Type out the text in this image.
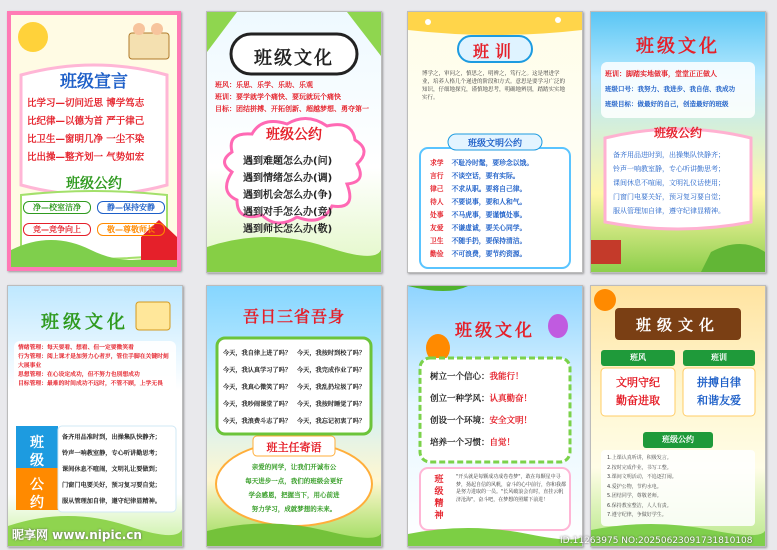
班级宣言
比学习—切问近思 博学笃志
比纪律—以德为首 严于律己
比卫生—窗明几净 一尘不染
比出操—整齐划一 气势如宏
班级公约
净—校室洁净	静—保持安静
竞—竞争向上	敬—尊敬师长
班级文化
班风：乐思、乐学、乐助、乐观
班训：要学就学个痛快、要玩就玩个痛快
目标：团结拼搏、开拓创新、超越梦想、勇夺第一
班级公约
遇到难题怎么办(问)
遇到情绪怎么办(调)
遇到机会怎么办(争)
遇到对手怎么办(竞)
遇到师长怎么办(敬)
班训
博学之，审问之，慎思之，明辨之，笃行之。这是增进学业，培养人格几个递进的阶段和方式。意思是要学习广泛的知识，仔细地探究，谨慎地思考，明确地辨别，踏踏实实地实行。
班级文明公约
求学 不耻冷时髦，要珍念以饿。
言行 不谈空话，要有实际。
律己 不求从职。要将自己律。
待人 不要说事，要和人和气。
处事 不马虎事，要谨慎处事。
友爱 不谦虚诚，要关心同学。
卫生 不随手扔，要保持清洁。
勤俭 不可浪费，要节约资源。
班级文化
班训：脚踏实地做事，堂堂正正做人
班级口号：我努力、我进步、我自信、我成功
班级目标：做最好的自己，创造最好的班级
班级公约
备齐用品进时到，出操集队快静齐；
铃声一响教室静，专心听讲勤思考；
课间休息不喧闹，文明礼仪话使用；
门窗门电要关好，预习复习要自觉；
服从管理加自律，遵守纪律显精神。
班级文化
情绪管理：每天要看、想看、但一定要微笑看
行为管理：阅上课才是加努力心者岁，管住手脚在关键时刻大展事业
思想管理：在心设定成功，但不努力也别想成功
目标管理：最难的时间成功不远时，不管不顾，上学无畏
班
级
公
约
备齐用品准时到，出操集队快静齐；
铃声一响教室静，专心听讲勤思考；
课间休息不喧闹，文明礼让要做到；
门窗门电要关好，预习复习要自觉；
服从管理加自律，遵守纪律显精神。
吾日三省吾身
今天，我自律上进了吗？
今天，我认真学习了吗？
今天，我真心微笑了吗？
今天，我吵闹课堂了吗？
今天，我浪费斗志了吗？
今天，我按时到校了吗？
今天，我完成作业了吗？
今天，我乱扔垃圾了吗？
今天，我按时睡觉了吗？
今天，我忘记初衷了吗？
班主任寄语
亲爱的同学，让我们开诚布公
每天进步一点，我们的班级会更好
学会感恩，把握当下，用心前进
努力学习，成就梦想的未来。
班级文化
树立一个信心：我能行！
创立一种学风：认真勤奋！
创设一个环境：安全文明！
培养一个习惯：自觉！
班
级
精
神
"开头就是每颗成功成卷卷梦"，敢在每颗星中寻梦，扬起自信的风帆，奋斗的心中前行，你和我都是努力进取的一员。"长风破浪会有时，直挂云帆济沧海"，奋斗吧，在梦想的照耀下前进！
班级文化
班风	班训
文明守纪
勤奋进取
拼搏自律
和谐友爱
班级公约
1.上课认真听讲，积极发言。
2.按时完成作业，书写工整。
3.课间文明活动，不追逐打闹。
4.爱护公物，节约水电。
5.团结同学，尊敬老师。
6.保持教室整洁，人人有责。
7.遵守纪律，争做好学生。
昵享网 www.nipic.cn	ID:11263975 NO:20250623091731810108
